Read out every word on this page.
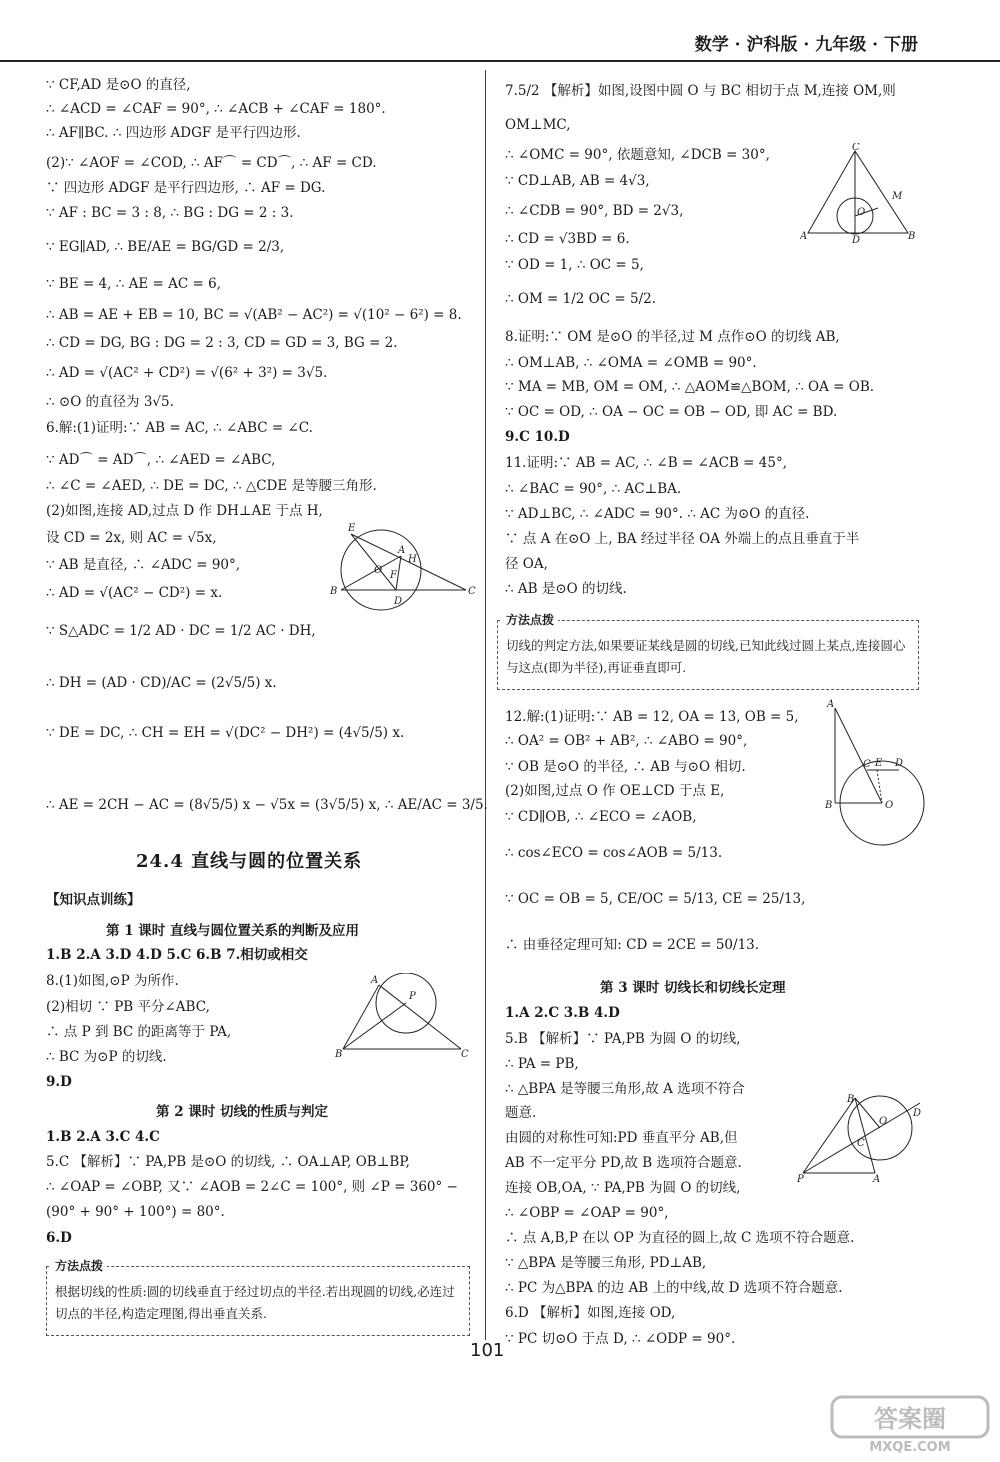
数学 · 沪科版 · 九年级 · 下册
∵ CF,AD 是⊙O 的直径,
∴ ∠ACD = ∠CAF = 90°, ∴ ∠ACB + ∠CAF = 180°.
∴ AF∥BC. ∴ 四边形 ADGF 是平行四边形.
(2)∵ ∠AOF = ∠COD, ∴ AF⌒ = CD⌒, ∴ AF = CD.
∵ 四边形 ADGF 是平行四边形, ∴ AF = DG.
∵ AF : BC = 3 : 8, ∴ BG : DG = 2 : 3.
∵ EG∥AD, ∴ BE/AE = BG/GD = 2/3,
∵ BE = 4, ∴ AE = AC = 6,
∴ AB = AE + EB = 10, BC = √(AB² − AC²) = √(10² − 6²) = 8.
∴ CD = DG, BG : DG = 2 : 3, CD = GD = 3, BG = 2.
∴ AD = √(AC² + CD²) = √(6² + 3²) = 3√5.
∴ ⊙O 的直径为 3√5.
6.解:(1)证明:∵ AB = AC, ∴ ∠ABC = ∠C.
∵ AD⌒ = AD⌒, ∴ ∠AED = ∠ABC,
∴ ∠C = ∠AED, ∴ DE = DC, ∴ △CDE 是等腰三角形.
(2)如图,连接 AD,过点 D 作 DH⊥AE 于点 H,
设 CD = 2x, 则 AC = √5x,
∵ AB 是直径, ∴ ∠ADC = 90°,
∴ AD = √(AC² − CD²) = x.
∵ S△ADC = 1/2 AD · DC = 1/2 AC · DH,
∴ DH = (AD · CD)/AC = (2√5/5) x.
∵ DE = DC, ∴ CH = EH = √(DC² − DH²) = (4√5/5) x.
∴ AE = 2CH − AC = (8√5/5) x − √5x = (3√5/5) x, ∴ AE/AC = 3/5.
E
A
H
O F
B
D
C
24.4 直线与圆的位置关系
【知识点训练】
第 1 课时 直线与圆位置关系的判断及应用
1.B 2.A 3.D 4.D 5.C 6.B 7.相切或相交
8.(1)如图,⊙P 为所作.
(2)相切 ∵ PB 平分∠ABC,
∴ 点 P 到 BC 的距离等于 PA,
∴ BC 为⊙P 的切线.
9.D
A
P
B	C
第 2 课时 切线的性质与判定
1.B 2.A 3.C 4.C
5.C 【解析】∵ PA,PB 是⊙O 的切线, ∴ OA⊥AP, OB⊥BP,
∴ ∠OAP = ∠OBP, 又∵ ∠AOB = 2∠C = 100°, 则 ∠P = 360° −
(90° + 90° + 100°) = 80°.
6.D
方法点拨
根据切线的性质:圆的切线垂直于经过切点的半径.若出现圆的切线,必连过切点的半径,构造定理图,得出垂直关系.
7.5/2 【解析】如图,设图中圆 O 与 BC 相切于点 M,连接 OM,则
OM⊥MC,
∴ ∠OMC = 90°, 依题意知, ∠DCB = 30°,
∵ CD⊥AB, AB = 4√3,
∴ ∠CDB = 90°, BD = 2√3,
∴ CD = √3BD = 6.
∵ OD = 1, ∴ OC = 5,
∴ OM = 1/2 OC = 5/2.
8.证明:∵ OM 是⊙O 的半径,过 M 点作⊙O 的切线 AB,
∴ OM⊥AB, ∴ ∠OMA = ∠OMB = 90°.
∵ MA = MB, OM = OM, ∴ △AOM≌△BOM, ∴ OA = OB.
∵ OC = OD, ∴ OA − OC = OB − OD, 即 AC = BD.
9.C 10.D
11.证明:∵ AB = AC, ∴ ∠B = ∠ACB = 45°,
∴ ∠BAC = 90°, ∴ AC⊥BA.
∵ AD⊥BC, ∴ ∠ADC = 90°. ∴ AC 为⊙O 的直径.
∵ 点 A 在⊙O 上, BA 经过半径 OA 外端上的点且垂直于半
径 OA,
∴ AB 是⊙O 的切线.
C
M
O
A	D	B
方法点拨
切线的判定方法,如果要证某线是圆的切线,已知此线过圆上某点,连接圆心与这点(即为半径),再证垂直即可.
12.解:(1)证明:∵ AB = 12, OA = 13, OB = 5,
∴ OA² = OB² + AB², ∴ ∠ABO = 90°,
∵ OB 是⊙O 的半径, ∴ AB 与⊙O 相切.
(2)如图,过点 O 作 OE⊥CD 于点 E,
∵ CD∥OB, ∴ ∠ECO = ∠AOB,
∴ cos∠ECO = cos∠AOB = 5/13.
∵ OC = OB = 5, CE/OC = 5/13, CE = 25/13,
∴ 由垂径定理可知: CD = 2CE = 50/13.
A
C E D
B	O
第 3 课时 切线长和切线长定理
1.A 2.C 3.B 4.D
5.B 【解析】∵ PA,PB 为圆 O 的切线,
∴ PA = PB,
∴ △BPA 是等腰三角形,故 A 选项不符合
题意.
由圆的对称性可知:PD 垂直平分 AB,但
AB 不一定平分 PD,故 B 选项符合题意.
连接 OB,OA, ∵ PA,PB 为圆 O 的切线,
∴ ∠OBP = ∠OAP = 90°,
∴ 点 A,B,P 在以 OP 为直径的圆上,故 C 选项不符合题意.
∵ △BPA 是等腰三角形, PD⊥AB,
∴ PC 为△BPA 的边 AB 上的中线,故 D 选项不符合题意.
6.D 【解析】如图,连接 OD,
∵ PC 切⊙O 于点 D, ∴ ∠ODP = 90°.
B
O
D
C
P	A
101
答案圈
MXQE.COM
